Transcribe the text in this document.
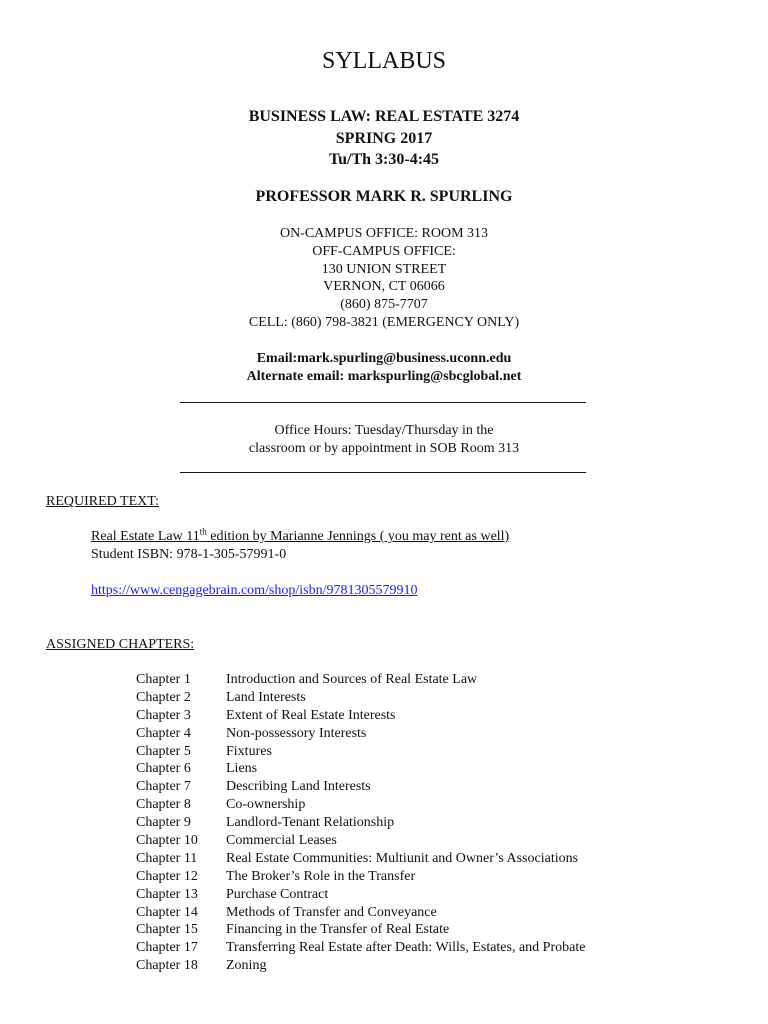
SYLLABUS
BUSINESS LAW: REAL ESTATE 3274
SPRING 2017
Tu/Th 3:30-4:45
PROFESSOR MARK R. SPURLING
ON-CAMPUS OFFICE: ROOM 313
OFF-CAMPUS OFFICE:
130 UNION STREET
VERNON, CT 06066
(860) 875-7707
CELL: (860) 798-3821 (EMERGENCY ONLY)
Email:mark.spurling@business.uconn.edu
Alternate email: markspurling@sbcglobal.net
Office Hours: Tuesday/Thursday in the
classroom or by appointment in SOB Room 313
REQUIRED TEXT:
Real Estate Law 11th edition by Marianne Jennings ( you may rent as well)
Student ISBN: 978-1-305-57991-0
https://www.cengagebrain.com/shop/isbn/9781305579910
ASSIGNED CHAPTERS:
Chapter 1	Introduction and Sources of Real Estate Law
Chapter 2	Land Interests
Chapter 3	Extent of Real Estate Interests
Chapter 4	Non-possessory Interests
Chapter 5	Fixtures
Chapter 6	Liens
Chapter 7	Describing Land Interests
Chapter 8	Co-ownership
Chapter 9	Landlord-Tenant Relationship
Chapter 10	Commercial Leases
Chapter 11	Real Estate Communities: Multiunit and Owner’s Associations
Chapter 12	The Broker’s Role in the Transfer
Chapter 13	Purchase Contract
Chapter 14	Methods of Transfer and Conveyance
Chapter 15	Financing in the Transfer of Real Estate
Chapter 17	Transferring Real Estate after Death: Wills, Estates, and Probate
Chapter 18	Zoning
